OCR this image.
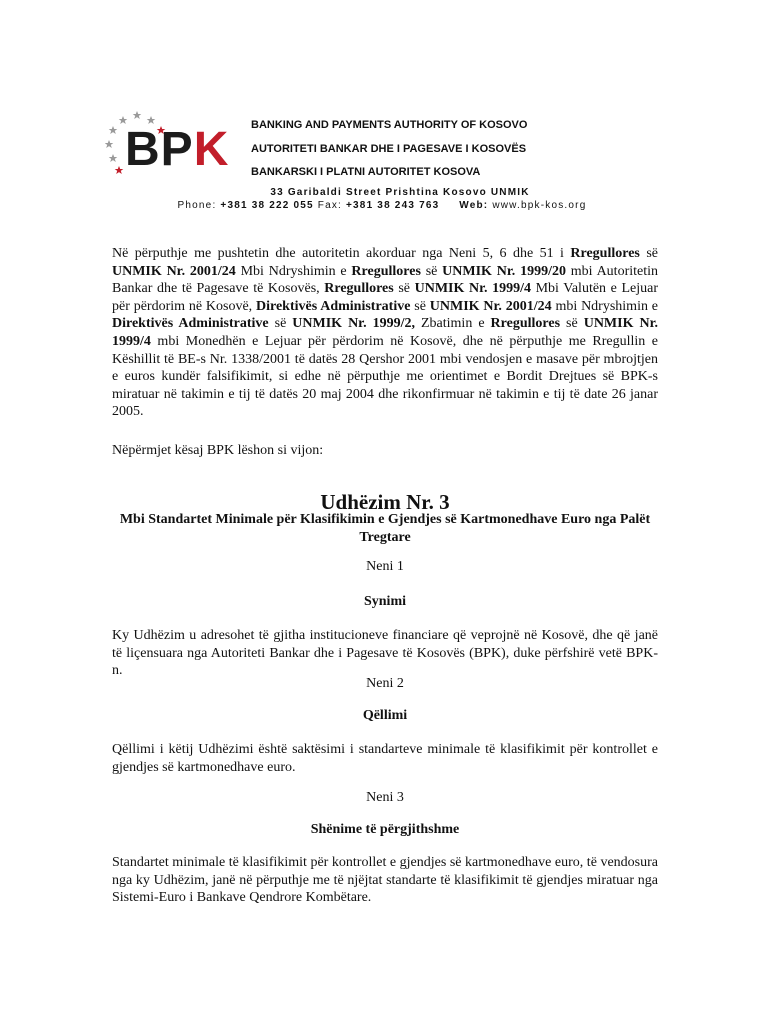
BPK BANKING AND PAYMENTS AUTHORITY OF KOSOVO
AUTORITETI BANKAR DHE I PAGESAVE I KOSOVËS
BANKARSKI I PLATNI AUTORITET KOSOVA
33 Garibaldi Street Prishtina Kosovo UNMIK
Phone: +381 38 222 055 Fax: +381 38 243 763 Web: www.bpk-kos.org
Në përputhje me pushtetin dhe autoritetin akorduar nga Neni 5, 6 dhe 51 i Rregullores së UNMIK Nr. 2001/24 Mbi Ndryshimin e Rregullores së UNMIK Nr. 1999/20 mbi Autoritetin Bankar dhe të Pagesave të Kosovës, Rregullores së UNMIK Nr. 1999/4 Mbi Valutën e Lejuar për përdorim në Kosovë, Direktivës Administrative së UNMIK Nr. 2001/24 mbi Ndryshimin e Direktivës Administrative së UNMIK Nr. 1999/2, Zbatimin e Rregullores së UNMIK Nr. 1999/4 mbi Monedhën e Lejuar për përdorim në Kosovë, dhe në përputhje me Rregullin e Këshillit të BE-s Nr. 1338/2001 të datës 28 Qershor 2001 mbi vendosjen e masave për mbrojtjen e euros kundër falsifikimit, si edhe në përputhje me orientimet e Bordit Drejtues së BPK-s miratuar në takimin e tij të datës 20 maj 2004 dhe rikonfirmuar në takimin e tij të date 26 janar 2005.
Nëpërmjet kësaj BPK lëshon si vijon:
Udhëzim Nr. 3
Mbi Standartet Minimale për Klasifikimin e Gjendjes së Kartmonedhave Euro nga Palët Tregtare
Neni 1
Synimi
Ky Udhëzim u adresohet të gjitha institucioneve financiare që veprojnë në Kosovë, dhe që janë të liçensuara nga Autoriteti Bankar dhe i Pagesave të Kosovës (BPK), duke përfshirë vetë BPK-n.
Neni 2
Qëllimi
Qëllimi i këtij Udhëzimi është saktësimi i standarteve minimale të klasifikimit për kontrollet e gjendjes së kartmonedhave euro.
Neni 3
Shënime të përgjithshme
Standartet minimale të klasifikimit për kontrollet e gjendjes së kartmonedhave euro, të vendosura nga ky Udhëzim, janë në përputhje me të njëjtat standarte të klasifikimit të gjendjes miratuar nga Sistemi-Euro i Bankave Qendrore Kombëtare.
